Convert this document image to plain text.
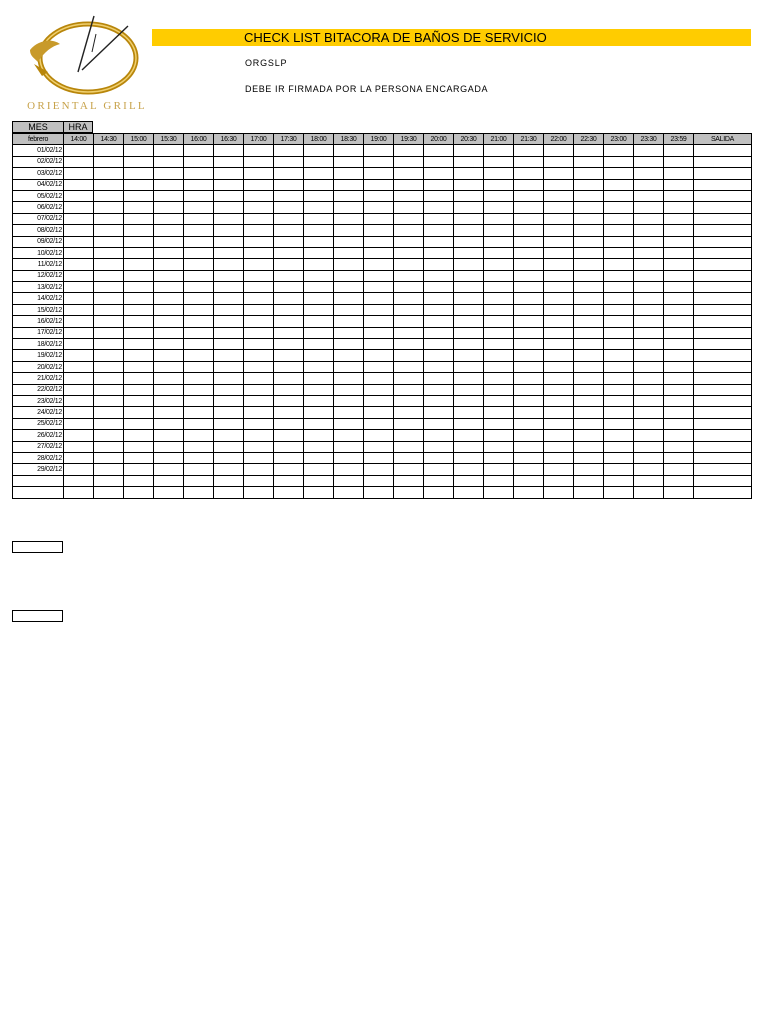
ORIENTAL GRILL
CHECK LIST BITACORA DE BAÑOS DE SERVICIO
ORGSLP
DEBE IR FIRMADA POR LA PERSONA ENCARGADA
MES	HRA
febrero	14:00	14:30	15:00	15:30	16:00	16:30	17:00	17:30	18:00	18:30	19:00	19:30	20:00	20:30	21:00	21:30	22:00	22:30	23:00	23:30	23:59	SALIDA
01/02/12																						
02/02/12																						
03/02/12																						
04/02/12																						
05/02/12																						
06/02/12																						
07/02/12																						
08/02/12																						
09/02/12																						
10/02/12																						
11/02/12																						
12/02/12																						
13/02/12																						
14/02/12																						
15/02/12																						
16/02/12																						
17/02/12																						
18/02/12																						
19/02/12																						
20/02/12																						
21/02/12																						
22/02/12																						
23/02/12																						
24/02/12																						
25/02/12																						
26/02/12																						
27/02/12																						
28/02/12																						
29/02/12																						
